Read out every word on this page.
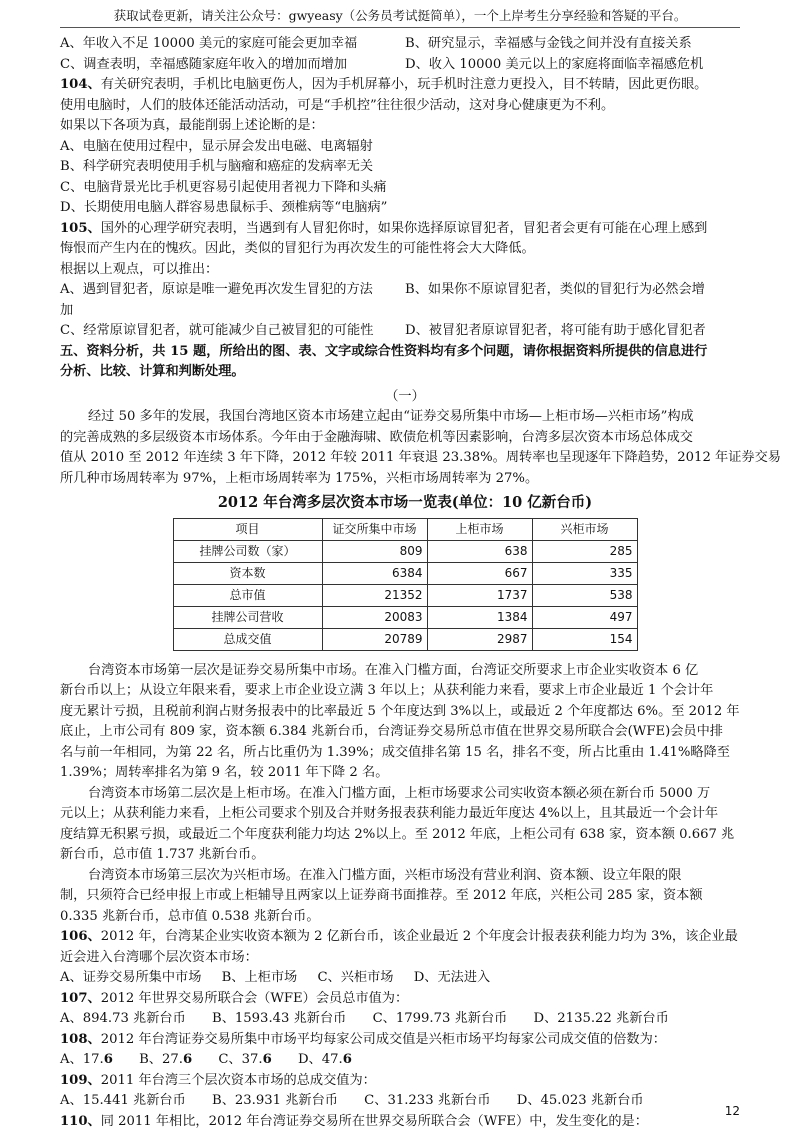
获取试卷更新，请关注公众号：gwyeasy（公务员考试挺简单），一个上岸考生分享经验和答疑的平台。
A、年收入不足 10000 美元的家庭可能会更加幸福	B、研究显示，幸福感与金钱之间并没有直接关系
C、调查表明，幸福感随家庭年收入的增加而增加	D、收入 10000 美元以上的家庭将面临幸福感危机
104、有关研究表明，手机比电脑更伤人，因为手机屏幕小，玩手机时注意力更投入，目不转睛，因此更伤眼。
使用电脑时，人们的肢体还能活动活动，可是“手机控”往往很少活动，这对身心健康更为不利。
如果以下各项为真，最能削弱上述论断的是：
A、电脑在使用过程中，显示屏会发出电磁、电离辐射
B、科学研究表明使用手机与脑瘤和癌症的发病率无关
C、电脑背景光比手机更容易引起使用者视力下降和头痛
D、长期使用电脑人群容易患鼠标手、颈椎病等“电脑病”
105、国外的心理学研究表明，当遇到有人冒犯你时，如果你选择原谅冒犯者，冒犯者会更有可能在心理上感到
悔恨而产生内在的愧疚。因此，类似的冒犯行为再次发生的可能性将会大大降低。
根据以上观点，可以推出：
A、遇到冒犯者，原谅是唯一避免再次发生冒犯的方法	B、如果你不原谅冒犯者，类似的冒犯行为必然会增
加
C、经常原谅冒犯者，就可能减少自己被冒犯的可能性	D、被冒犯者原谅冒犯者，将可能有助于感化冒犯者
五、资料分析，共 15 题，所给出的图、表、文字或综合性资料均有多个问题，请你根据资料所提供的信息进行
分析、比较、计算和判断处理。
（一）
经过 50 多年的发展，我国台湾地区资本市场建立起由“证券交易所集中市场—上柜市场—兴柜市场”构成
的完善成熟的多层级资本市场体系。今年由于金融海啸、欧债危机等因素影响，台湾多层次资本市场总体成交
值从 2010 至 2012 年连续 3 年下降，2012 年较 2011 年衰退 23.38%。周转率也呈现逐年下降趋势，2012 年证券交易
所几种市场周转率为 97%，上柜市场周转率为 175%，兴柜市场周转率为 27%。
2012 年台湾多层次资本市场一览表(单位：10 亿新台币)
项目	证交所集中市场	上柜市场	兴柜市场
挂牌公司数（家）	809	638	285
资本数	6384	667	335
总市值	21352	1737	538
挂牌公司营收	20083	1384	497
总成交值	20789	2987	154
台湾资本市场第一层次是证券交易所集中市场。在准入门槛方面，台湾证交所要求上市企业实收资本 6 亿
新台币以上；从设立年限来看，要求上市企业设立满 3 年以上；从获利能力来看，要求上市企业最近 1 个会计年
度无累计亏损，且税前利润占财务报表中的比率最近 5 个年度达到 3%以上，或最近 2 个年度都达 6%。至 2012 年
底止，上市公司有 809 家，资本额 6.384 兆新台币，台湾证券交易所总市值在世界交易所联合会(WFE)会员中排
名与前一年相同，为第 22 名，所占比重仍为 1.39%；成交值排名第 15 名，排名不变，所占比重由 1.41%略降至
1.39%；周转率排名为第 9 名，较 2011 年下降 2 名。
台湾资本市场第二层次是上柜市场。在准入门槛方面，上柜市场要求公司实收资本额必须在新台币 5000 万
元以上；从获利能力来看，上柜公司要求个别及合并财务报表获利能力最近年度达 4%以上，且其最近一个会计年
度结算无积累亏损，或最近二个年度获利能力均达 2%以上。至 2012 年底，上柜公司有 638 家，资本额 0.667 兆
新台币，总市值 1.737 兆新台币。
台湾资本市场第三层次为兴柜市场。在准入门槛方面，兴柜市场没有营业利润、资本额、设立年限的限
制，只须符合已经申报上市或上柜辅导且两家以上证券商书面推荐。至 2012 年底，兴柜公司 285 家，资本额
0.335 兆新台币，总市值 0.538 兆新台币。
106、2012 年，台湾某企业实收资本额为 2 亿新台币，该企业最近 2 个年度会计报表获利能力均为 3%，该企业最
近会进入台湾哪个层次资本市场：
A、证券交易所集中市场 B、上柜市场 C、兴柜市场 D、无法进入
107、2012 年世界交易所联合会（WFE）会员总市值为：
A、894.73 兆新台币 B、1593.43 兆新台币 C、1799.73 兆新台币 D、2135.22 兆新台币
108、2012 年台湾证券交易所集中市场平均每家公司成交值是兴柜市场平均每家公司成交值的倍数为：
A、17.6 B、27.6 C、37.6 D、47.6
109、2011 年台湾三个层次资本市场的总成交值为：
A、15.441 兆新台币 B、23.931 兆新台币 C、31.233 兆新台币 D、45.023 兆新台币
110、同 2011 年相比，2012 年台湾证券交易所在世界交易所联合会（WFE）中，发生变化的是：
12
